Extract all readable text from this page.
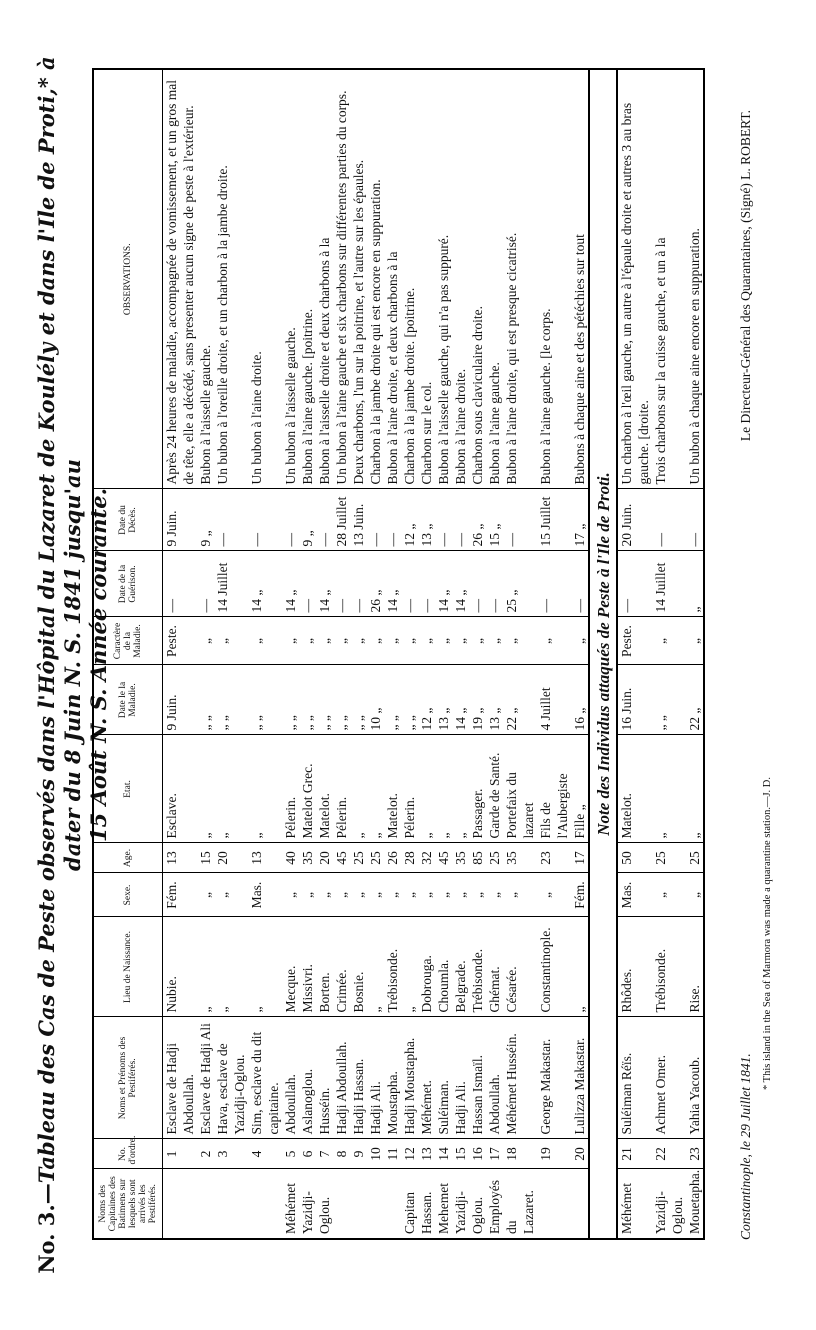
No. 3.—Tableau des Cas de Peste observés dans l'Hôpital du Lazaret de Koulély et dans l'Ile de Proti,* à dater du 8 Juin N. S. 1841 jusqu'au
15 Août N. S. Année courante.
Noms des Capitaines des Batimens sur lesquels sont arrivés les Pestiférés.	No. d'ordre.	Noms et Prénoms des Pestiférés.	Lieu de Naissance.	Sexe.	Age.	Etat.	Date le la Maladie.	Caractère de la Maladie.	Date de la Guérison.	Date du Décès.	OBSERVATIONS.
	1	Esclave de Hadji Abdoullah.	Nubie.	Fém.	13	Esclave.	9 Juin.	Peste.	—	9 Juin.	Après 24 heures de maladie, accompagnée de vomissement, et un gros mal de tête, elle a décédé, sans presenter aucun signe de peste à l'extérieur.
	2	Esclave de Hadji Ali	„	„	15	„	„ „	„	—	9 „	Bubon à l'aisselle gauche.
	3	Hava, esclave de Yazidji-Oglou.	„	„	20	„	„ „	„	14 Juillet	—	Un bubon à l'oreille droite, et un charbon à la jambe droite.
	4	Sim, esclave du dit capitaine.	„	Mas.	13	„	„ „	„	14 „	—	Un bubon à l'aine droite.
Méhémet	5	Abdoullah.	Mecque.	„	40	Pélerin.	„ „	„	14 „	—	Un bubon à l'aisselle gauche.
Yazidji-	6	Aslanoglou.	Missivri.	„	35	Matelot Grec.	„ „	„	—	9 „	Bubon à l'aine gauche. [poitrine.
Oglou.	7	Husséin.	Borten.	„	20	Matelot.	„ „	„	14 „	—	Bubon à l'aisselle droite et deux charbons à la
	8	Hadji Abdoullah.	Crimée.	„	45	Pélerin.	„ „	„	—	28 Juillet	Un bubon à l'aine gauche et six charbons sur différentes parties du corps.
	9	Hadji Hassan.	Bosnie.	„	25	„	„ „	„	—	13 Juin.	Deux charbons, l'un sur la poitrine, et l'autre sur les épaules.
	10	Hadji Ali.	„	„	25	„	10 „	„	26 „	—	Charbon à la jambe droite qui est encore en suppuration.
	11	Moustapha.	Trébisonde.	„	26	Matelot.	„ „	„	14 „	—	Bubon à l'aine droite, et deux charbons à la
Capitan	12	Hadji Moustapha.	„	„	28	Pélerin.	„ „	„	—	12 „	Charbon à la jambe droite. [poitrine.
Hassan.	13	Méhémet.	Dobrouga.	„	32	„	12 „	„	—	13 „	Charbon sur le col.
Mehemet	14	Suléiman.	Choumla.	„	45	„	13 „	„	14 „	—	Bubon à l'aisselle gauche, qui n'a pas suppuré.
Yazidji-	15	Hadji Ali.	Belgrade.	„	35	„	14 „	„	14 „	—	Bubon à l'aine droite.
Oglou.	16	Hassan Ismaïl.	Trébisonde.	„	85	Passager.	19 „	„	—	26 „	Charbon sous claviculaire droite.
Employés	17	Abdoullah.	Ghémat.	„	25	Garde de Santé.	13 „	„	—	15 „	Bubon à l'aine gauche.
du Lazaret.	18	Méhémet Husséin.	Césarée.	„	35	Portefaix du lazaret	22 „	„	25 „	—	Bubon à l'aine droite, qui est presque cicatrisé.
	19	George Makastar.	Constantinople.	„	23	Fils de l'Aubergiste	4 Juillet	„	—	15 Juillet	Bubon à l'aine gauche. [le corps.
	20	Lulizza Makastar.	„	Fém.	17	Fille „	16 „	„	—	17 „	Bubons à chaque aine et des pétéchies sur tout
Note des Individus attaqués de Peste à l'Ile de Proti.											
Méhémet	21	Suléiman Réïs.	Rhôdes.	Mas.	50	Matelot.	16 Juin.	Peste.	—	20 Juin.	Un charbon à l'œil gauche, un autre à l'épaule droite et autres 3 au bras gauche. [droite.
Yazidji-Oglou.	22	Achmet Omer.	Trébisonde.	„	25	„	„ „	„	14 Juillet	—	Trois charbons sur la cuisse gauche, et un à la
Mouetapha.	23	Yahia Yacoub.	Rise.	„	25	„	22 „	„	„	—	Un bubon à chaque aine encore en suppuration.
Constantinople, le 29 Juillet 1841.
Le Directeur-Général des Quarantaines, (Signé) L. ROBERT.
* This island in the Sea of Marmora was made a quarantine station.—J. D.
